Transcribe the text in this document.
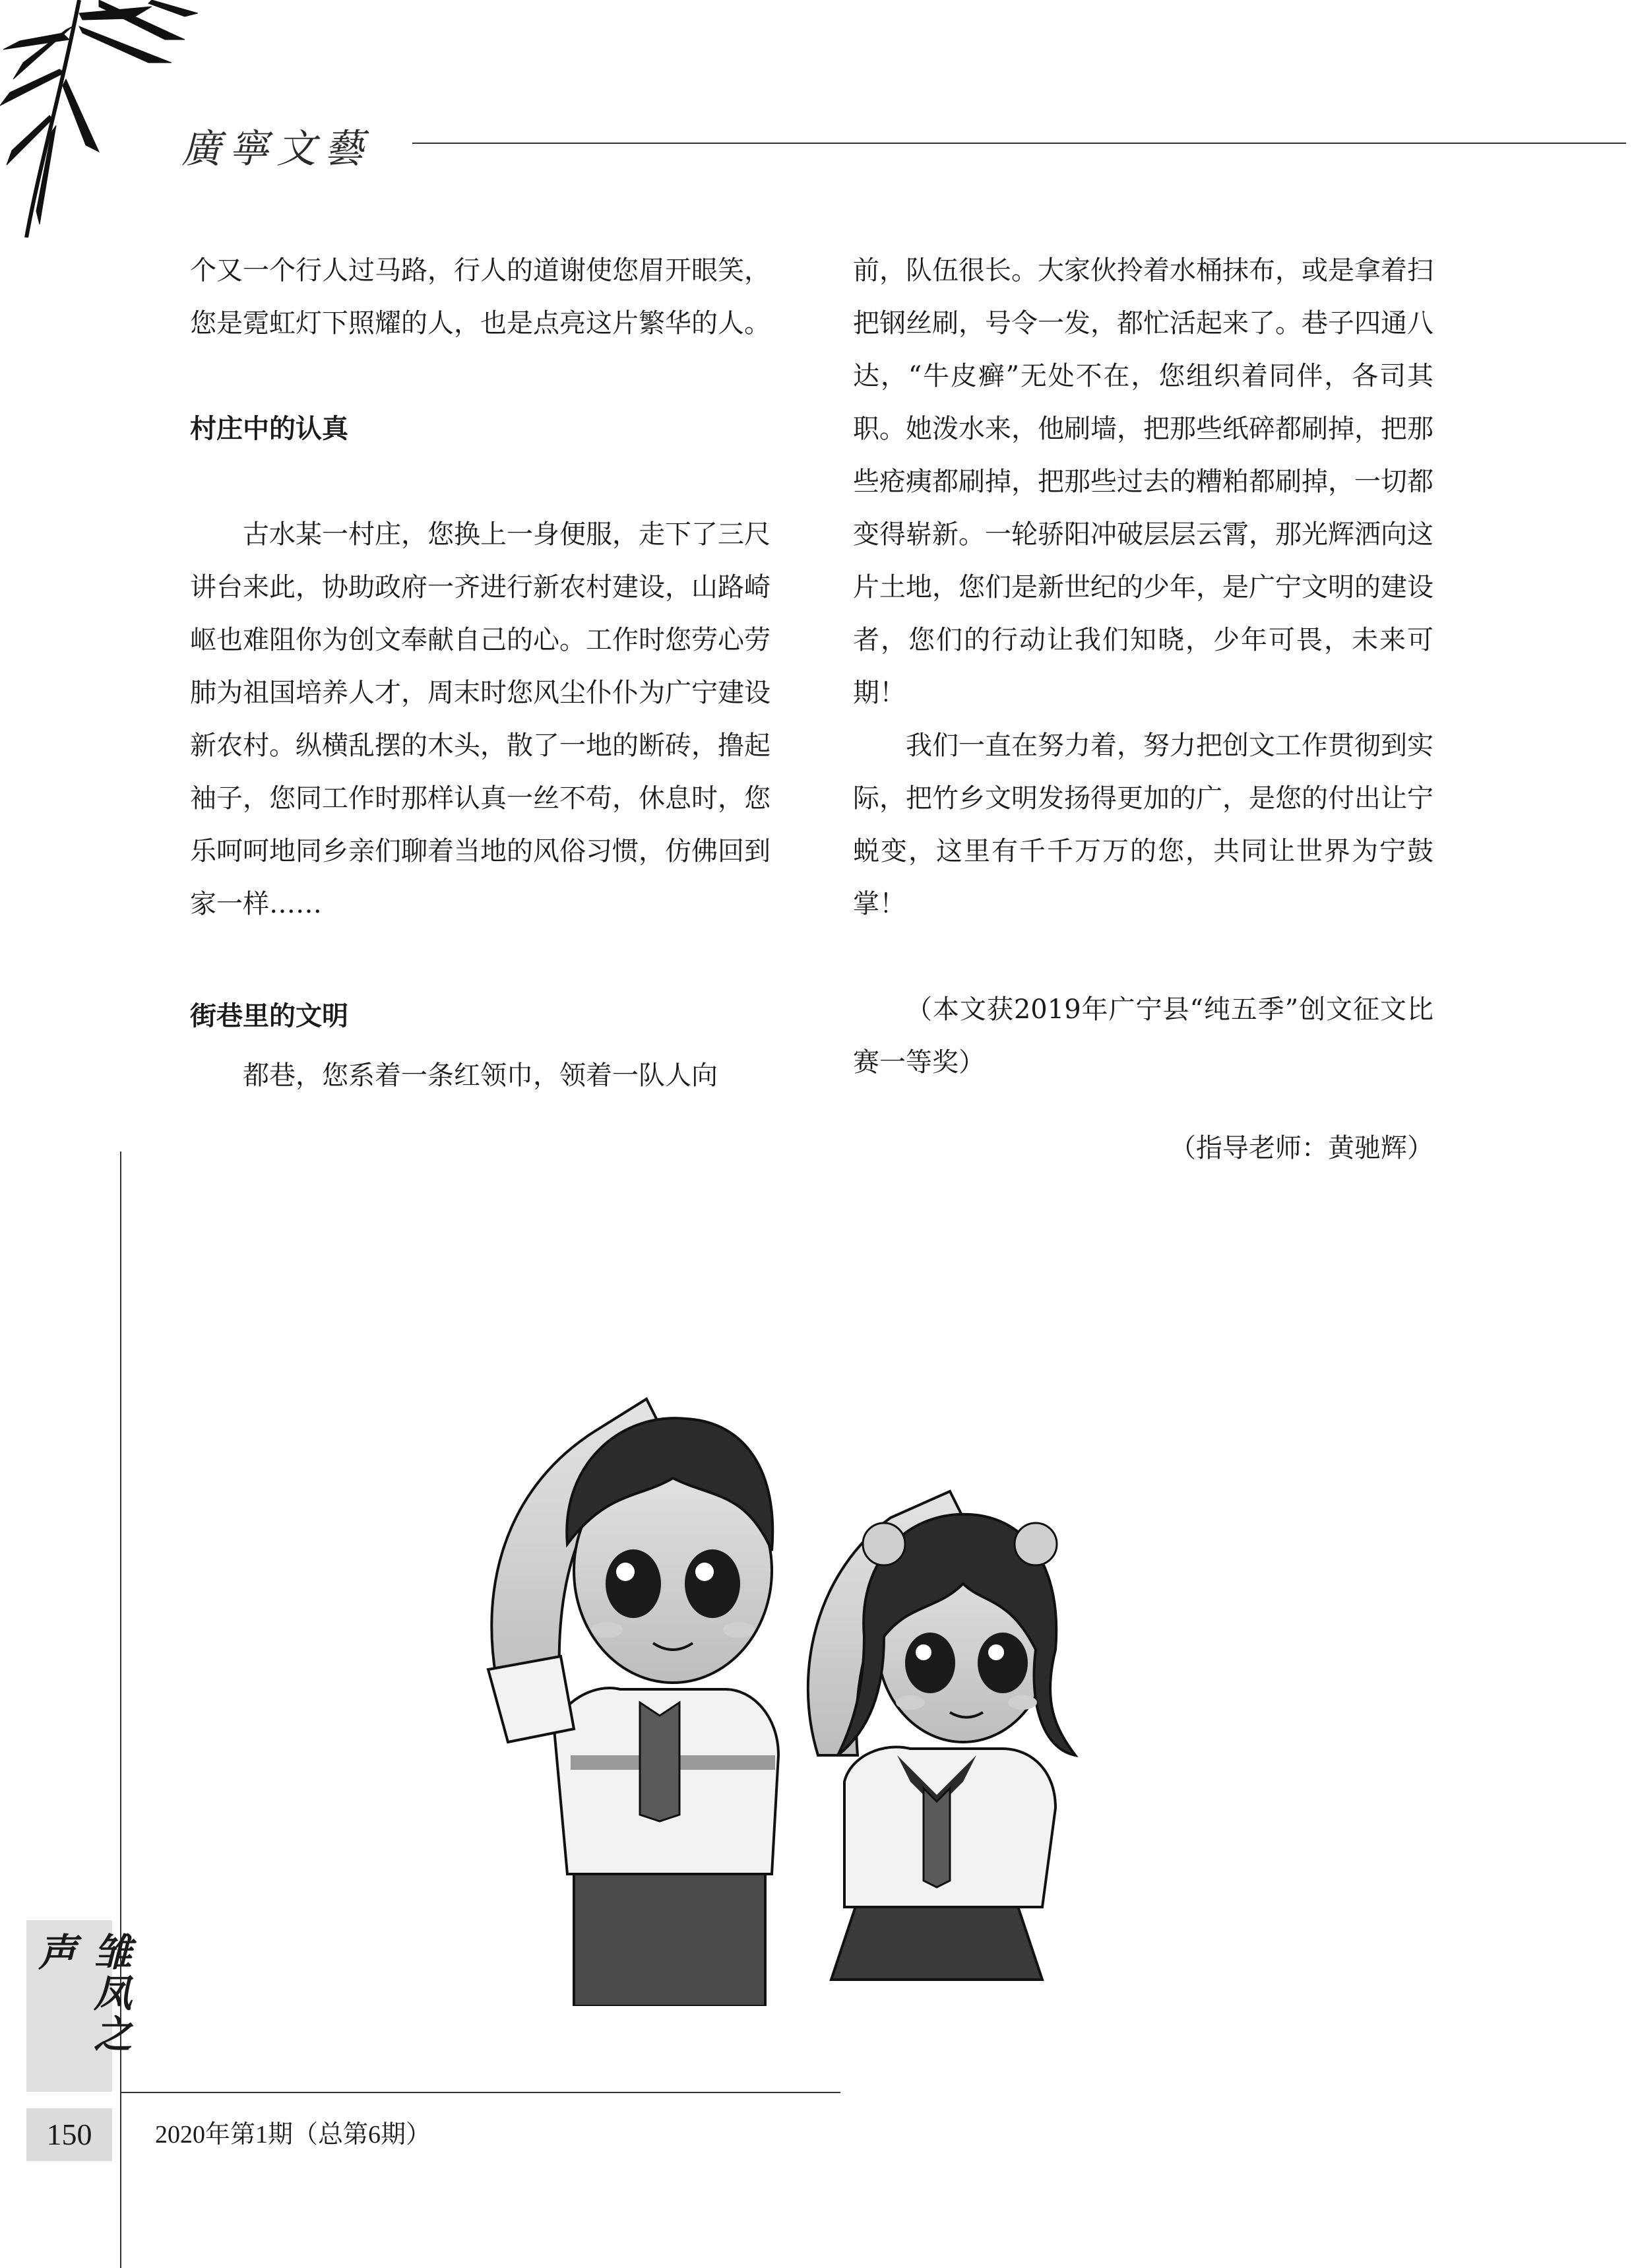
廣寧文藝

个又一个行人过马路，行人的道谢使您眉开眼笑，您是霓虹灯下照耀的人，也是点亮这片繁华的人。

村庄中的认真

古水某一村庄，您换上一身便服，走下了三尺讲台来此，协助政府一齐进行新农村建设，山路崎岖也难阻你为创文奉献自己的心。工作时您劳心劳肺为祖国培养人才，周末时您风尘仆仆为广宁建设新农村。纵横乱摆的木头，散了一地的断砖，撸起袖子，您同工作时那样认真一丝不苟，休息时，您乐呵呵地同乡亲们聊着当地的风俗习惯，仿佛回到家一样……

街巷里的文明

都巷，您系着一条红领巾，领着一队人向

前，队伍很长。大家伙拎着水桶抹布，或是拿着扫把钢丝刷，号令一发，都忙活起来了。巷子四通八达，“牛皮癣”无处不在，您组织着同伴，各司其职。她泼水来，他刷墙，把那些纸碎都刷掉，把那些疮痍都刷掉，把那些过去的糟粕都刷掉，一切都变得崭新。一轮骄阳冲破层层云霄，那光辉洒向这片土地，您们是新世纪的少年，是广宁文明的建设者，您们的行动让我们知晓，少年可畏，未来可期！

我们一直在努力着，努力把创文工作贯彻到实际，把竹乡文明发扬得更加的广，是您的付出让宁蜕变，这里有千千万万的您，共同让世界为宁鼓掌！

（本文获2019年广宁县“纯五季”创文征文比赛一等奖）

（指导老师：黄驰辉）

雏凤之声
150	2020年第1期（总第6期）
